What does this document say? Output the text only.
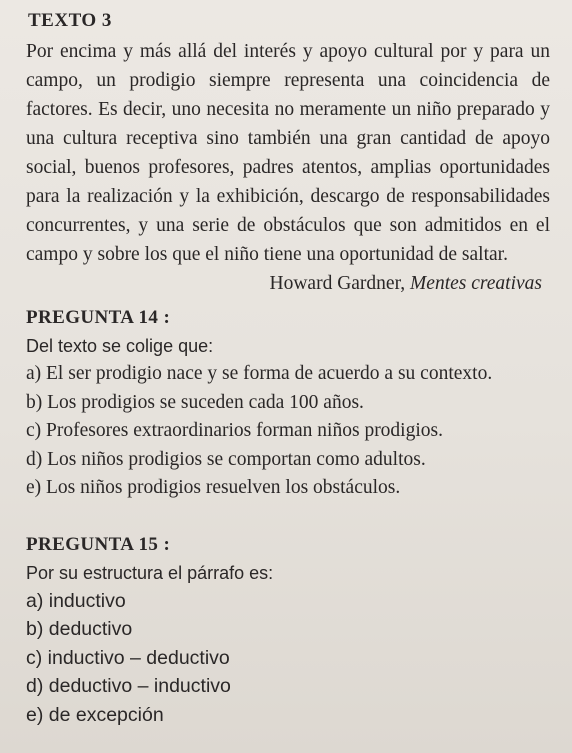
TEXTO 3

Por encima y más allá del interés y apoyo cultural por y para un campo, un prodigio siempre representa una coincidencia de factores. Es decir, uno necesita no meramente un niño preparado y una cultura receptiva sino también una gran cantidad de apoyo social, buenos profesores, padres atentos, amplias oportunidades para la realización y la exhibición, descargo de responsabilidades concurrentes, y una serie de obstáculos que son admitidos en el campo y sobre los que el niño tiene una oportunidad de saltar.

Howard Gardner, Mentes creativas
PREGUNTA 14 :
Del texto se colige que:
a) El ser prodigio nace y se forma de acuerdo a su contexto.
b) Los prodigios se suceden cada 100 años.
c) Profesores extraordinarios forman niños prodigios.
d) Los niños prodigios se comportan como adultos.
e) Los niños prodigios resuelven los obstáculos.
PREGUNTA 15 :
Por su estructura el párrafo es:
a) inductivo
b) deductivo
c) inductivo – deductivo
d) deductivo – inductivo
e) de excepción
